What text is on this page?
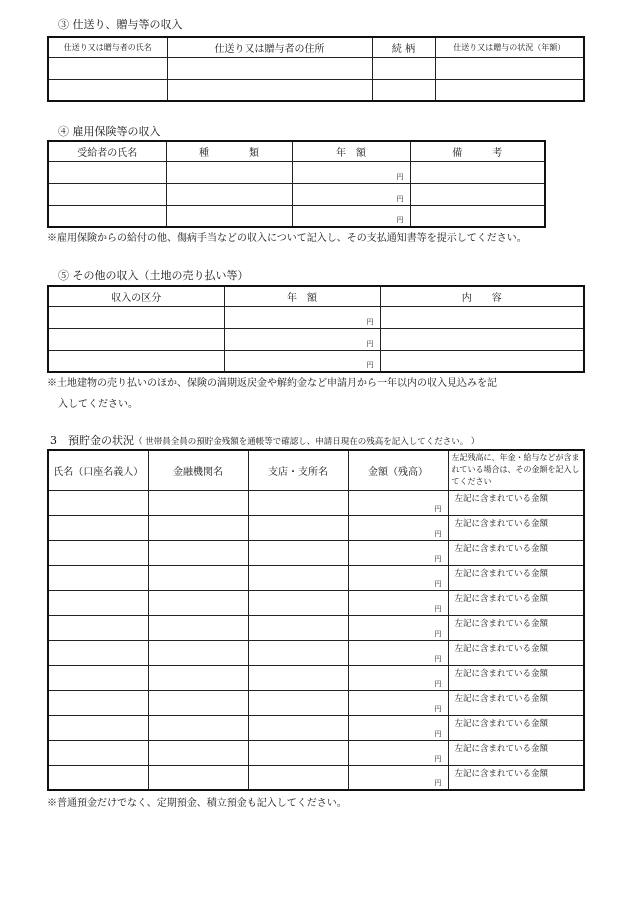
③ 仕送り、贈与等の収入
仕送り又は贈与者の氏名	仕送り又は贈与者の住所	続 柄	仕送り又は贈与の状況（年額）

④ 雇用保険等の収入
受給者の氏名	種　　　　類	年　額	備　　　考
		円	
		円	
		円	
※雇用保険からの給付の他、傷病手当などの収入について記入し、その支払通知書等を提示してください。
⑤ その他の収入（土地の売り払い等）
収入の区分	年　額	内　　容
	円	
	円	
	円	
※土地建物の売り払いのほか、保険の満期返戻金や解約金など申請月から一年以内の収入見込みを記
入してください。
3　預貯金の状況（ 世帯員全員の預貯金残額を通帳等で確認し、申請日現在の残高を記入してください。 ）
氏名（口座名義人）	金融機関名	支店・支所名	金額（残高）	左記残高に、年金・給与などが含まれている場合は、その金額を記入してください
			円	左記に含まれている金額
			円	左記に含まれている金額
			円	左記に含まれている金額
			円	左記に含まれている金額
			円	左記に含まれている金額
			円	左記に含まれている金額
			円	左記に含まれている金額
			円	左記に含まれている金額
			円	左記に含まれている金額
			円	左記に含まれている金額
			円	左記に含まれている金額
			円	左記に含まれている金額
※普通預金だけでなく、定期預金、積立預金も記入してください。
